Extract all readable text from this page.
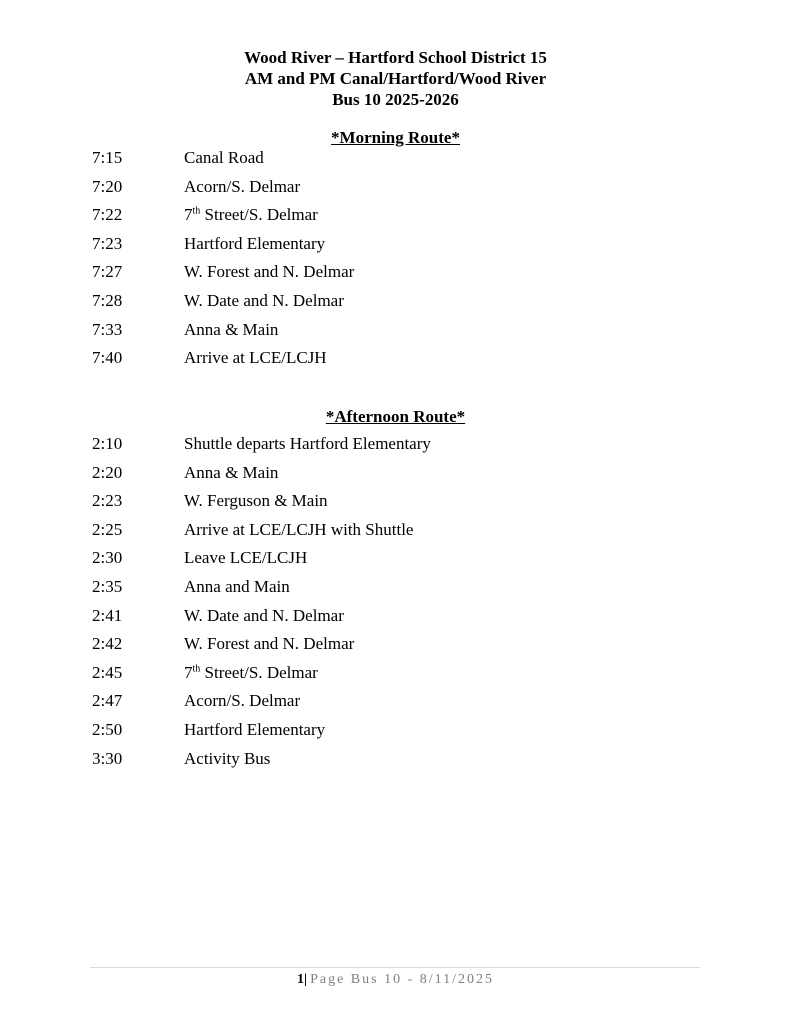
Wood River – Hartford School District 15
AM and PM Canal/Hartford/Wood River
Bus 10 2025-2026
*Morning Route*
7:15	Canal Road
7:20	Acorn/S. Delmar
7:22	7th Street/S. Delmar
7:23	Hartford Elementary
7:27	W. Forest and N. Delmar
7:28	W. Date and N. Delmar
7:33	Anna & Main
7:40	Arrive at LCE/LCJH
*Afternoon Route*
2:10	Shuttle departs Hartford Elementary
2:20	Anna & Main
2:23	W. Ferguson & Main
2:25	Arrive at LCE/LCJH with Shuttle
2:30	Leave LCE/LCJH
2:35	Anna and Main
2:41	W. Date and N. Delmar
2:42	W. Forest and N. Delmar
2:45	7th Street/S. Delmar
2:47	Acorn/S. Delmar
2:50	Hartford Elementary
3:30	Activity Bus
1| Page Bus 10 - 8/11/2025
